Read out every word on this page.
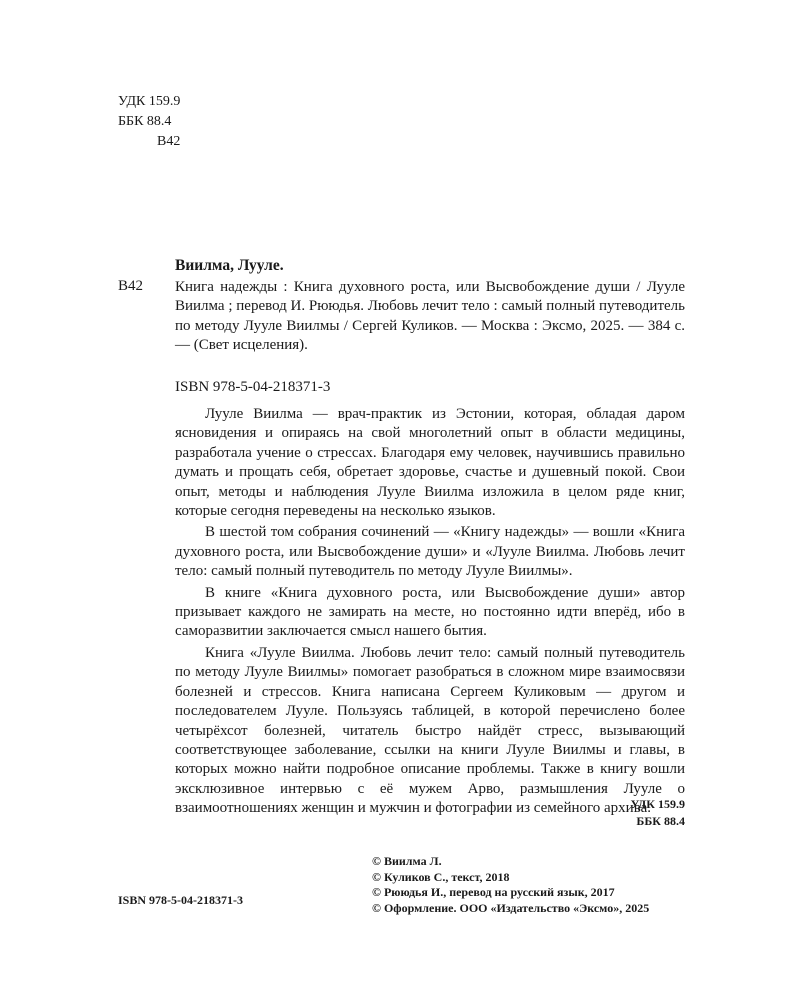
УДК 159.9
ББК 88.4
В42
Виилма, Лууле.
В42 Книга надежды : Книга духовного роста, или Высвобождение души / Лууле Виилма ; перевод И. Рююдья. Любовь лечит тело : самый полный путеводитель по методу Лууле Виилмы / Сергей Куликов. — Москва : Эксмо, 2025. — 384 с. — (Свет исцеления).

ISBN 978-5-04-218371-3

Лууле Виилма — врач-практик из Эстонии, которая, обладая даром ясновидения и опираясь на свой многолетний опыт в области медицины, разработала учение о стрессах. Благодаря ему человек, научившись правильно думать и прощать себя, обретает здоровье, счастье и душевный покой. Свои опыт, методы и наблюдения Лууле Виилма изложила в целом ряде книг, которые сегодня переведены на несколько языков.

В шестой том собрания сочинений — «Книгу надежды» — вошли «Книга духовного роста, или Высвобождение души» и «Лууле Виилма. Любовь лечит тело: самый полный путеводитель по методу Лууле Виилмы».

В книге «Книга духовного роста, или Высвобождение души» автор призывает каждого не замирать на месте, но постоянно идти вперёд, ибо в саморазвитии заключается смысл нашего бытия.

Книга «Лууле Виилма. Любовь лечит тело: самый полный путеводитель по методу Лууле Виилмы» помогает разобраться в сложном мире взаимосвязи болезней и стрессов. Книга написана Сергеем Куликовым — другом и последователем Лууле. Пользуясь таблицей, в которой перечислено более четырёхсот болезней, читатель быстро найдёт стресс, вызывающий соответствующее заболевание, ссылки на книги Лууле Виилмы и главы, в которых можно найти подробное описание проблемы. Также в книгу вошли эксклюзивное интервью с её мужем Арво, размышления Лууле о взаимоотношениях женщин и мужчин и фотографии из семейного архива.

УДК 159.9
ББК 88.4
© Виилма Л.
© Куликов С., текст, 2018
© Рююдья И., перевод на русский язык, 2017
© Оформление. ООО «Издательство «Эксмо», 2025
ISBN 978-5-04-218371-3
